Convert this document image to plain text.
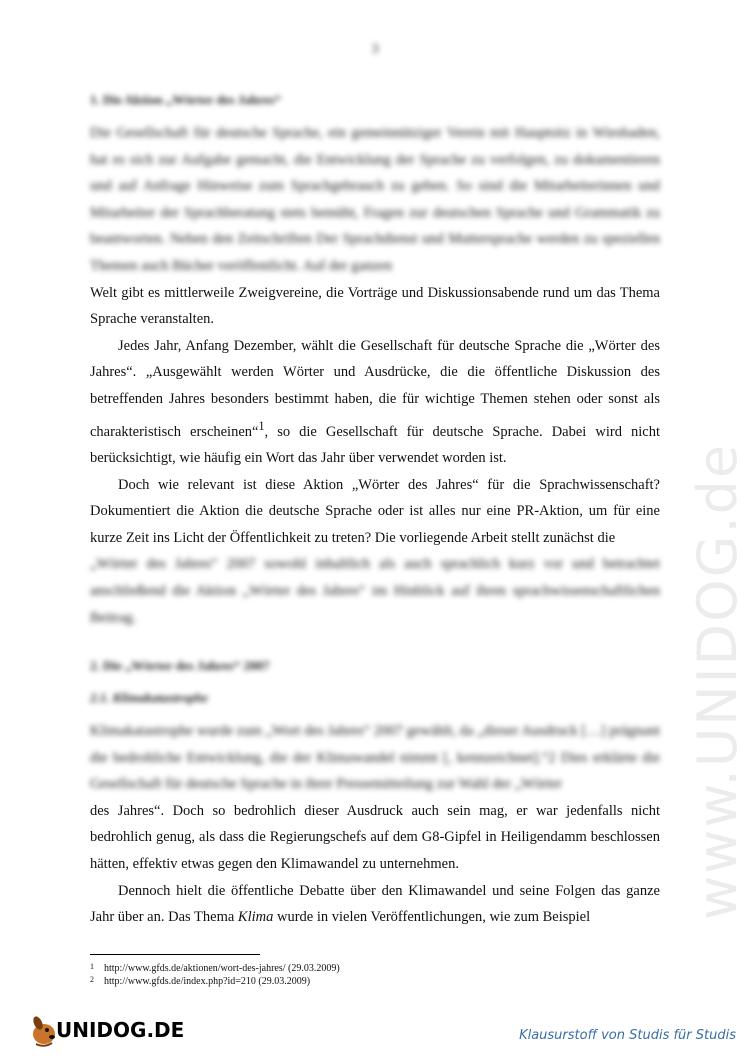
www.UNIDOG.de
3
1. Die Aktion „Wörter des Jahres“

Die Gesellschaft für deutsche Sprache, ein gemeinnütziger Verein mit Hauptsitz in Wiesbaden, hat es sich zur Aufgabe gemacht, die Entwicklung der Sprache zu verfolgen, zu dokumentieren und auf Anfrage Hinweise zum Sprachgebrauch zu geben. So sind die Mitarbeiterinnen und Mitarbeiter der Sprachberatung stets bemüht, Fragen zur deutschen Sprache und Grammatik zu beantworten. Neben den Zeitschriften Der Sprachdienst und Muttersprache werden zu speziellen Themen auch Bücher veröffentlicht. Auf der ganzen

Welt gibt es mittlerweile Zweigvereine, die Vorträge und Diskussionsabende rund um das Thema Sprache veranstalten.

Jedes Jahr, Anfang Dezember, wählt die Gesellschaft für deutsche Sprache die „Wörter des Jahres“. „Ausgewählt werden Wörter und Ausdrücke, die die öffentliche Diskussion des betreffenden Jahres besonders bestimmt haben, die für wichtige Themen stehen oder sonst als charakteristisch erscheinen“$^1$, so die Gesellschaft für deutsche Sprache. Dabei wird nicht berücksichtigt, wie häufig ein Wort das Jahr über verwendet worden ist.

Doch wie relevant ist diese Aktion „Wörter des Jahres“ für die Sprachwissenschaft? Dokumentiert die Aktion die deutsche Sprache oder ist alles nur eine PR-Aktion, um für eine kurze Zeit ins Licht der Öffentlichkeit zu treten? Die vorliegende Arbeit stellt zunächst die

„Wörter des Jahres“ 2007 sowohl inhaltlich als auch sprachlich kurz vor und betrachtet anschließend die Aktion „Wörter des Jahres“ im Hinblick auf ihren sprachwissenschaftlichen Beitrag.

2. Die „Wörter des Jahres“ 2007
2.1. Klimakatastrophe

Klimakatastrophe wurde zum „Wort des Jahres“ 2007 gewählt, da „dieser Ausdruck […] prägnant die bedrohliche Entwicklung, die der Klimawandel nimmt [, kennzeichnet].“2 Dies erklärte die Gesellschaft für deutsche Sprache in ihrer Pressemitteilung zur Wahl der „Wörter

des Jahres“. Doch so bedrohlich dieser Ausdruck auch sein mag, er war jedenfalls nicht bedrohlich genug, als dass die Regierungschefs auf dem G8-Gipfel in Heiligendamm beschlossen hätten, effektiv etwas gegen den Klimawandel zu unternehmen.

Dennoch hielt die öffentliche Debatte über den Klimawandel und seine Folgen das ganze Jahr über an. Das Thema Klima wurde in vielen Veröffentlichungen, wie zum Beispiel

1 http://www.gfds.de/aktionen/wort-des-jahres/ (29.03.2009)
2 http://www.gfds.de/index.php?id=210 (29.03.2009)
UNIDOG.DE	Klausurstoff von Studis für Studis
